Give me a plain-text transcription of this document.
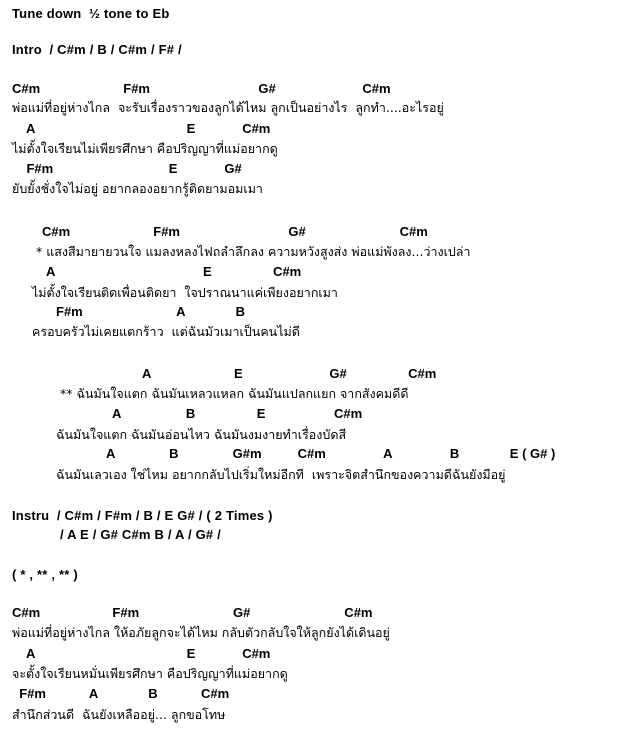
Tune down  ½ tone to Eb
Intro  / C#m / B / C#m / F# /
C#m                       F#m                              G#                        C#m
พ่อแม่ที่อยู่ห่างไกล  จะรับเรื่องราวของลูกได้ไหม ลูกเป็นอย่างไร  ลูกทำ....อะไรอยู่
A                                          E             C#m
ไม่ตั้งใจเรียนไม่เพียรศึกษา คือปริญญาที่แม่อยากดู
F#m                                E             G#
ยับยั้งชั่งใจไม่อยู่ อยากลองอยากรู้ติดยามอมเมา
C#m                       F#m                              G#                          C#m
* แสงสีมายายวนใจ แมลงหลงไฟถลำลึกลง ความหวังสูงส่ง พ่อแม่พังลง...ว่างเปล่า
A                                         E                 C#m
ไม่ตั้งใจเรียนติดเพื่อนติดยา  ใจปราณนาแค่เพียงอยากเมา
F#m                          A              B
ครอบครัวไม่เคยแตกร้าว  แต่ฉันมัวเมาเป็นคนไม่ดี
A                       E                        G#                 C#m
** ฉันมันใจแตก ฉันมันเหลวแหลก ฉันมันแปลกแยก จากสังคมดีดี
A                  B                 E                   C#m
ฉันมันใจแตก ฉันมันอ่อนไหว ฉันมันงมงายทำเรื่องบัดสี
A               B               G#m          C#m                A                B              E ( G# )
ฉันมันเลวเอง ใช่ไหม อยากกลับไปเริ่มใหม่อีกที  เพราะจิตสำนึกของความดีฉันยังมีอยู่
Instru  / C#m / F#m / B / E G# / ( 2 Times )
/ A E / G# C#m B / A / G# /
( * , ** , ** )
C#m                    F#m                          G#                          C#m
พ่อแม่ที่อยู่ห่างไกล ให้อภัยลูกจะได้ไหม กลับตัวกลับใจให้ลูกยังได้เดินอยู่
A                                          E             C#m
จะตั้งใจเรียนหมั่นเพียรศึกษา คือปริญญาที่แม่อยากดู
F#m            A              B            C#m
สำนึกส่วนดี  ฉันยังเหลืออยู่... ลูกขอโทษ
